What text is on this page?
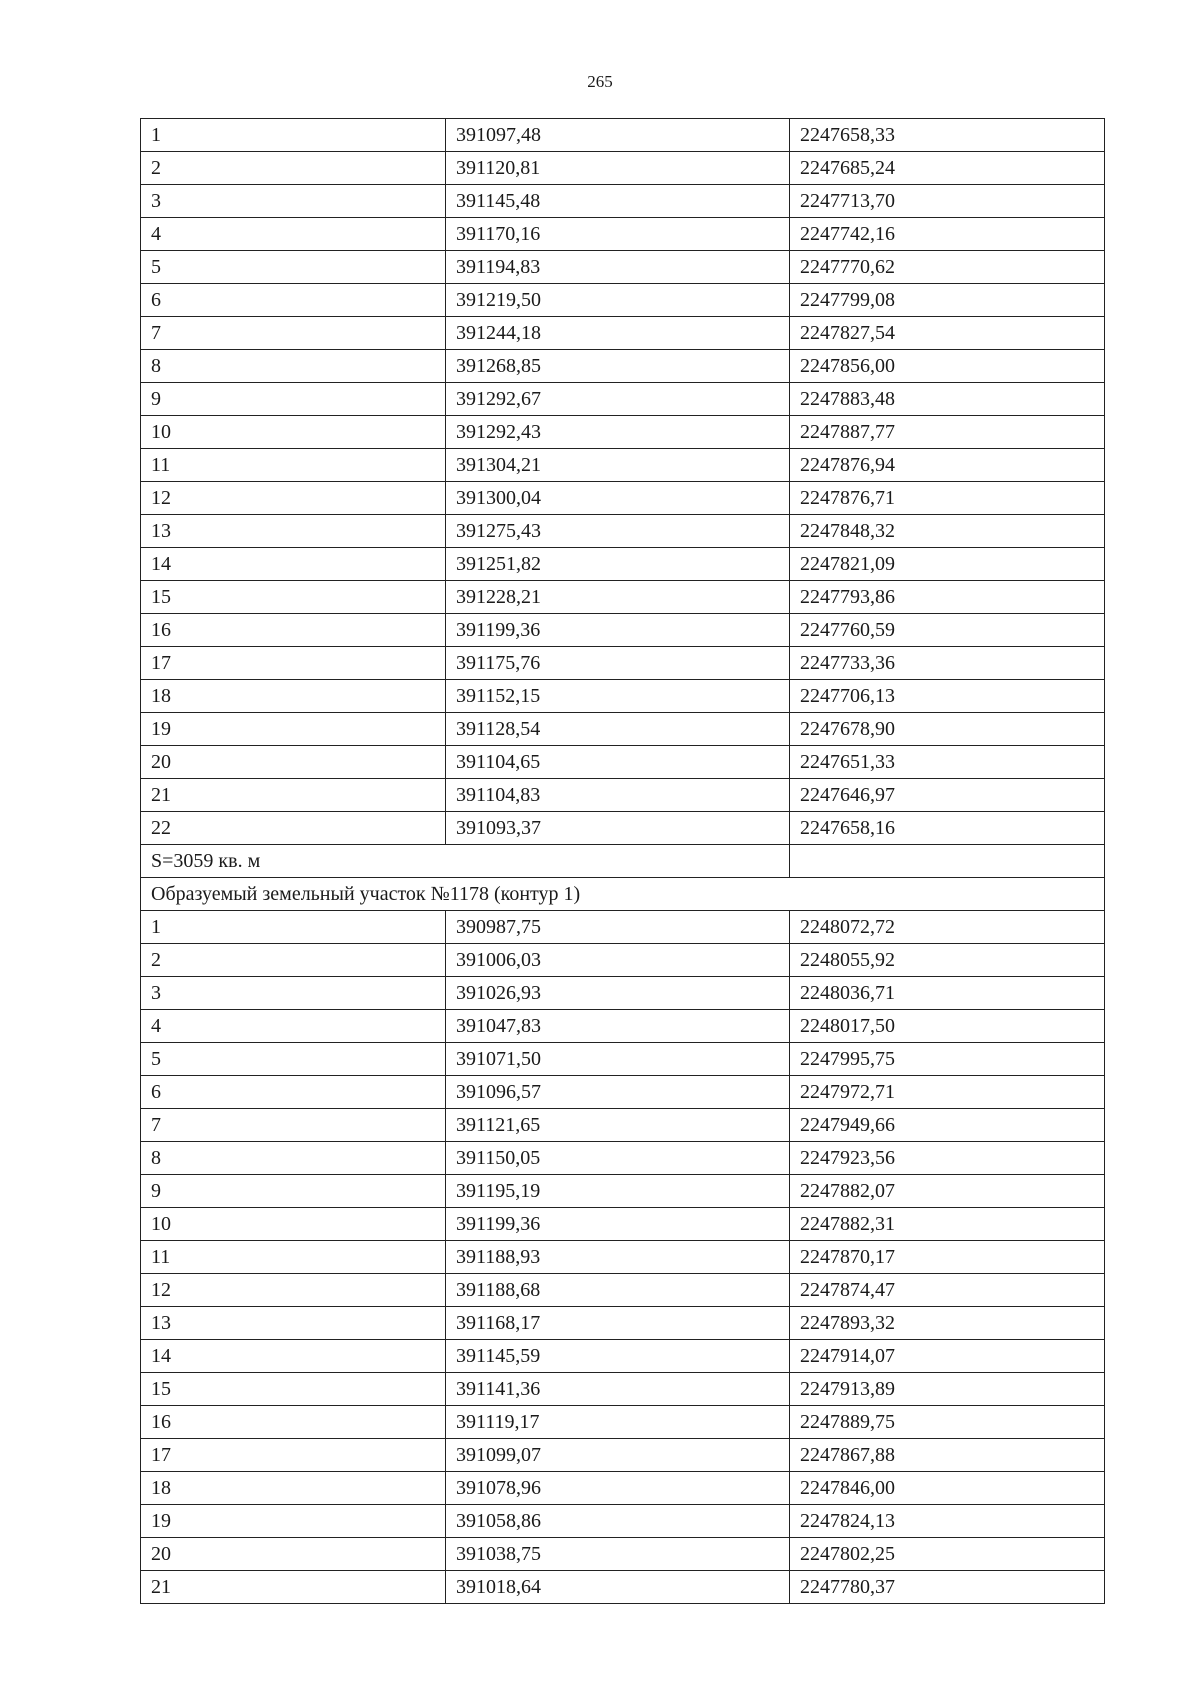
265
1	391097,48	2247658,33
2	391120,81	2247685,24
3	391145,48	2247713,70
4	391170,16	2247742,16
5	391194,83	2247770,62
6	391219,50	2247799,08
7	391244,18	2247827,54
8	391268,85	2247856,00
9	391292,67	2247883,48
10	391292,43	2247887,77
11	391304,21	2247876,94
12	391300,04	2247876,71
13	391275,43	2247848,32
14	391251,82	2247821,09
15	391228,21	2247793,86
16	391199,36	2247760,59
17	391175,76	2247733,36
18	391152,15	2247706,13
19	391128,54	2247678,90
20	391104,65	2247651,33
21	391104,83	2247646,97
22	391093,37	2247658,16
S=3059 кв. м		
Образуемый земельный участок №1178 (контур 1)		
1	390987,75	2248072,72
2	391006,03	2248055,92
3	391026,93	2248036,71
4	391047,83	2248017,50
5	391071,50	2247995,75
6	391096,57	2247972,71
7	391121,65	2247949,66
8	391150,05	2247923,56
9	391195,19	2247882,07
10	391199,36	2247882,31
11	391188,93	2247870,17
12	391188,68	2247874,47
13	391168,17	2247893,32
14	391145,59	2247914,07
15	391141,36	2247913,89
16	391119,17	2247889,75
17	391099,07	2247867,88
18	391078,96	2247846,00
19	391058,86	2247824,13
20	391038,75	2247802,25
21	391018,64	2247780,37
